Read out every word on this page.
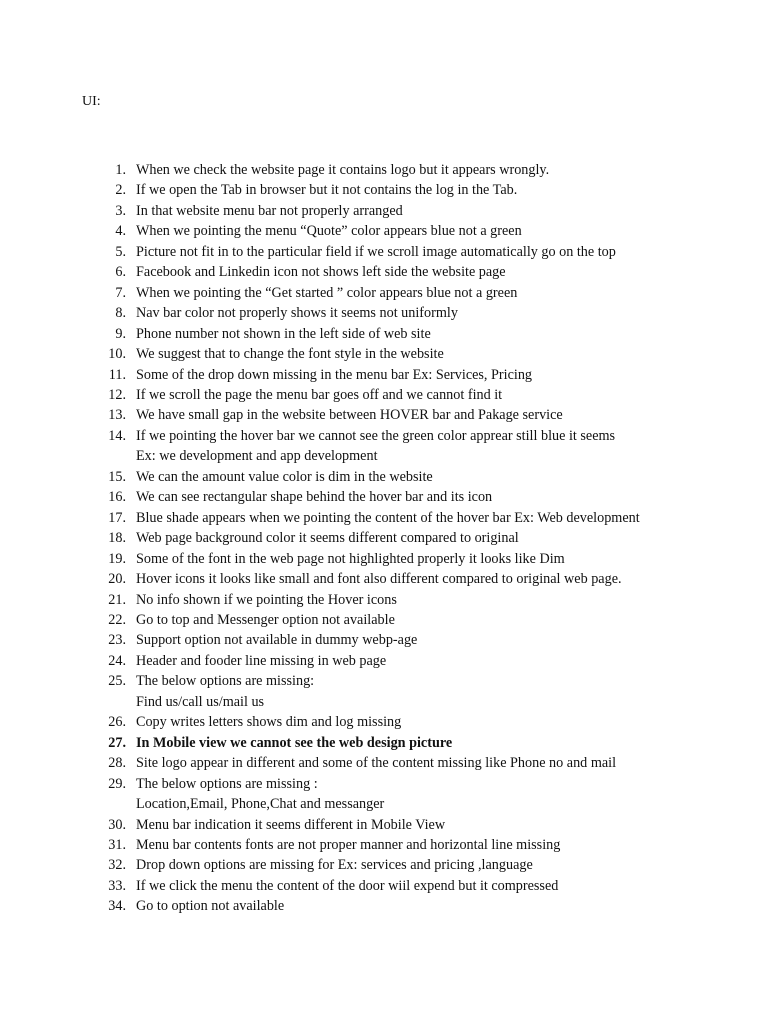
UI:
1. When we check the website page it contains logo but it appears wrongly.
2. If we open the Tab in browser but it not contains the log in the Tab.
3. In that website menu bar not properly arranged
4. When we pointing the menu “Quote” color appears blue not a green
5. Picture not fit in to the particular field if we scroll image automatically go on the top
6. Facebook and Linkedin icon not shows left side the website page
7. When we pointing the “Get started ” color appears blue not a green
8. Nav bar color not properly shows it seems not uniformly
9. Phone number not shown in the left side of web site
10. We suggest that to change the font style in the website
11. Some of the drop down missing in the menu bar Ex: Services, Pricing
12. If we scroll the page the menu bar goes off and we cannot find it
13. We have small gap in the website between HOVER bar and Pakage service
14. If we pointing the hover bar we cannot see the green color apprear still blue it seems
Ex: we development and app development
15. We can the amount value color is dim in the website
16. We can see rectangular shape behind the hover bar and its icon
17. Blue shade appears when we pointing the content of the hover bar Ex: Web development
18. Web page background color it seems different compared to original
19. Some of the font in the web page not highlighted properly it looks like Dim
20. Hover icons it looks like small and font also different compared to original web page.
21. No info shown if we pointing the Hover icons
22. Go to top and Messenger option not available
23. Support option not available in dummy webp-age
24. Header and fooder line missing in web page
25. The below options are missing:
Find us/call us/mail us
26. Copy writes letters shows dim and log missing
27. In Mobile view we cannot see the web design picture
28. Site logo appear in different and some of the content missing like Phone no and mail
29. The below options are missing :
Location,Email, Phone,Chat and messanger
30. Menu bar indication it seems different in Mobile View
31. Menu bar contents fonts are not proper manner and horizontal line missing
32. Drop down options are missing for Ex: services and pricing ,language
33. If we click the menu the content of the door wiil expend but it compressed
34. Go to option not available
